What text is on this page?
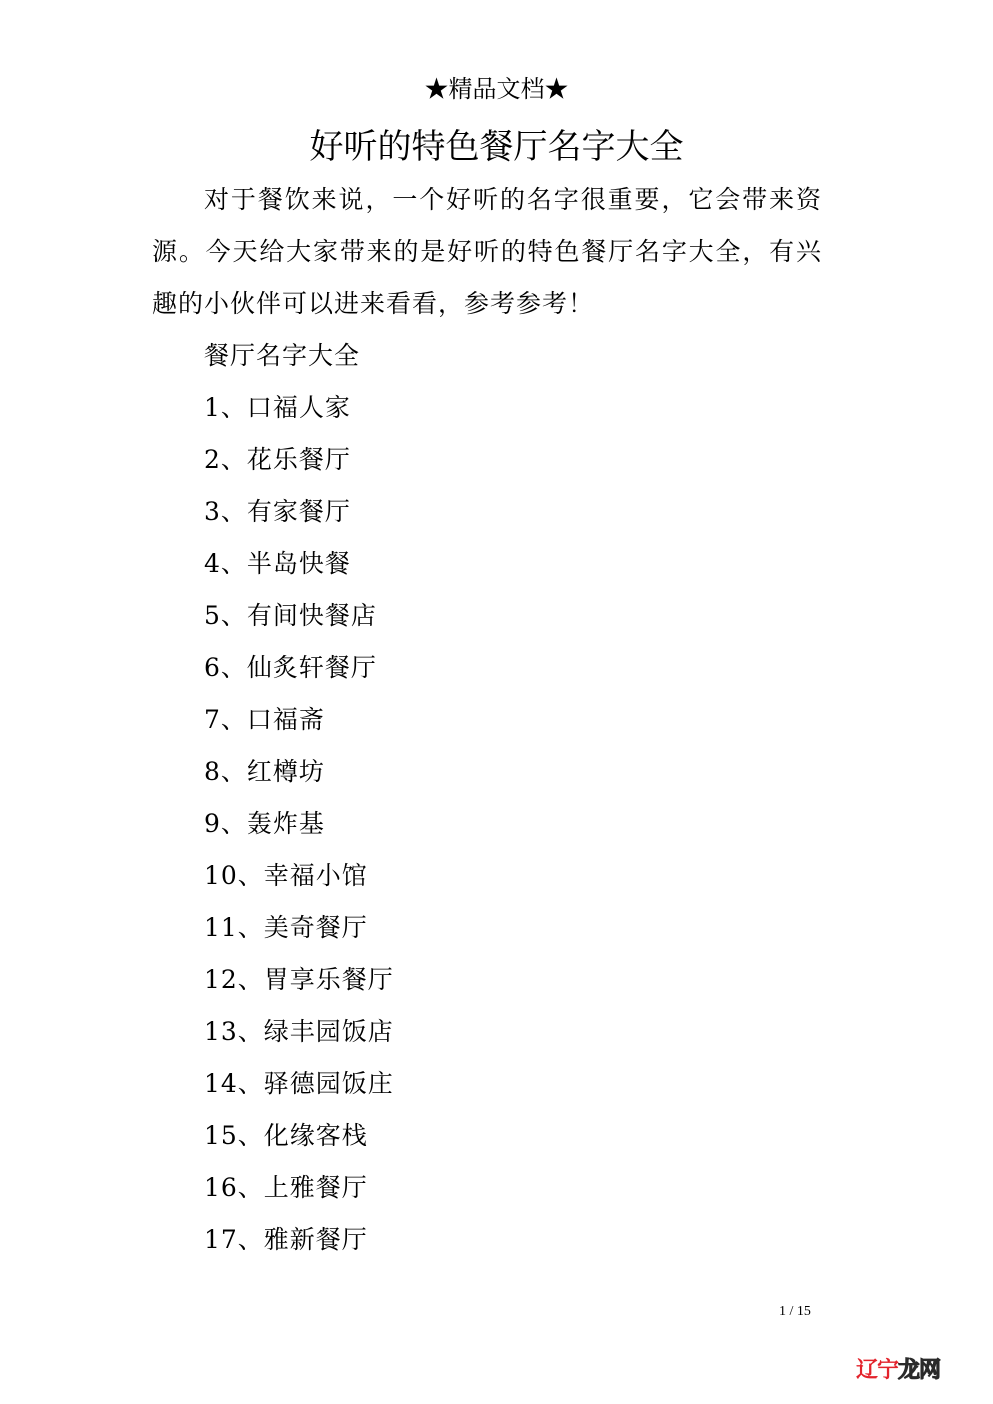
★精品文档★
好听的特色餐厅名字大全

对于餐饮来说，一个好听的名字很重要，它会带来资源。今天给大家带来的是好听的特色餐厅名字大全，有兴趣的小伙伴可以进来看看，参考参考！

餐厅名字大全

1、口福人家
2、花乐餐厅
3、有家餐厅
4、半岛快餐
5、有间快餐店
6、仙炙轩餐厅
7、口福斋
8、红樽坊
9、轰炸基
10、幸福小馆
11、美奇餐厅
12、胃享乐餐厅
13、绿丰园饭店
14、驿德园饭庄
15、化缘客栈
16、上雅餐厅
17、雅新餐厅
1 / 15
辽宁龙网
